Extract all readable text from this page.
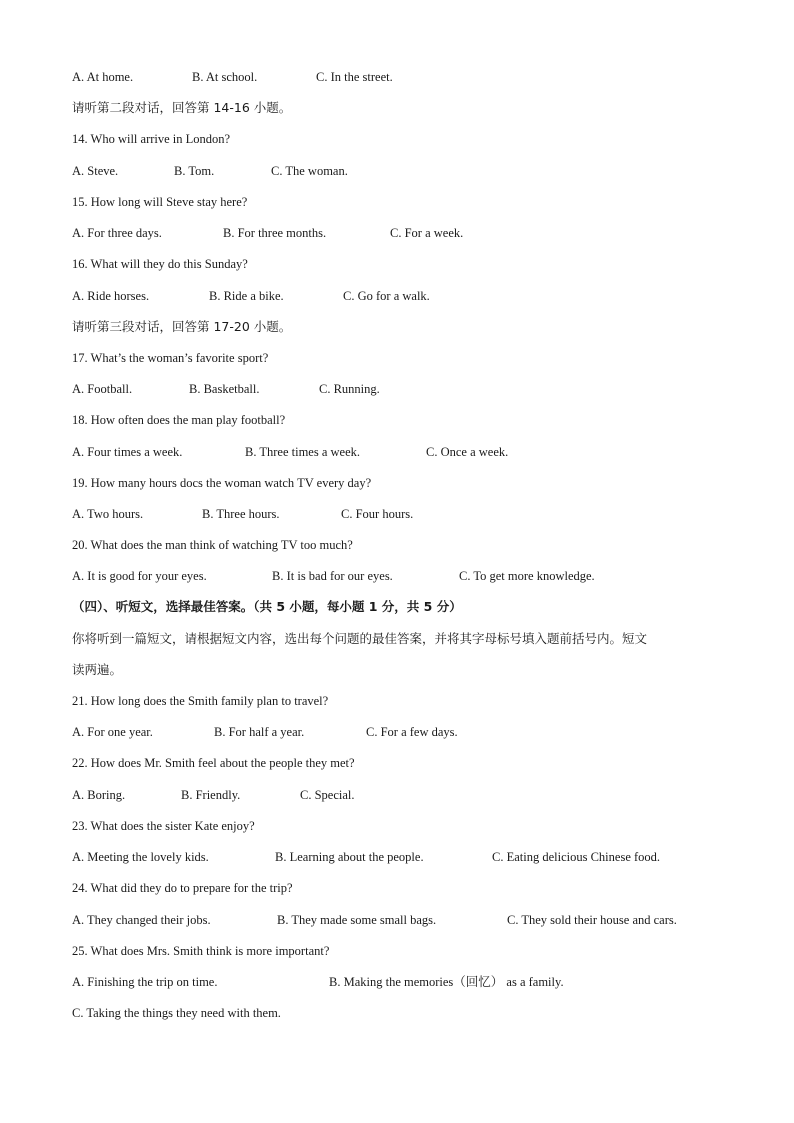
A. At home.	B. At school.	C. In the street.
请听第二段对话，回答第 14-16 小题。
14. Who will arrive in London?
A. Steve.	B. Tom.	C. The woman.
15. How long will Steve stay here?
A. For three days.	B. For three months.	C. For a week.
16. What will they do this Sunday?
A. Ride horses.	B. Ride a bike.	C. Go for a walk.
请听第三段对话，回答第 17-20 小题。
17. What’s the woman’s favorite sport?
A. Football.	B. Basketball.	C. Running.
18. How often does the man play football?
A. Four times a week.	B. Three times a week.	C. Once a week.
19. How many hours docs the woman watch TV every day?
A. Two hours.	B. Three hours.	C. Four hours.
20. What does the man think of watching TV too much?
A. It is good for your eyes.	B. It is bad for our eyes.	C. To get more knowledge.
（四）、听短文，选择最佳答案。（共 5 小题，每小题 1 分，共 5 分）
你将听到一篇短文，请根据短文内容，选出每个问题的最佳答案，并将其字母标号填入题前括号内。短文
读两遍。
21. How long does the Smith family plan to travel?
A. For one year.	B. For half a year.	C. For a few days.
22. How does Mr. Smith feel about the people they met?
A. Boring.	B. Friendly.	C. Special.
23. What does the sister Kate enjoy?
A. Meeting the lovely kids.	B. Learning about the people.	C. Eating delicious Chinese food.
24. What did they do to prepare for the trip?
A. They changed their jobs.	B. They made some small bags.	C. They sold their house and cars.
25. What does Mrs. Smith think is more important?
A. Finishing the trip on time.	B. Making the memories（回忆） as a family.
C. Taking the things they need with them.
